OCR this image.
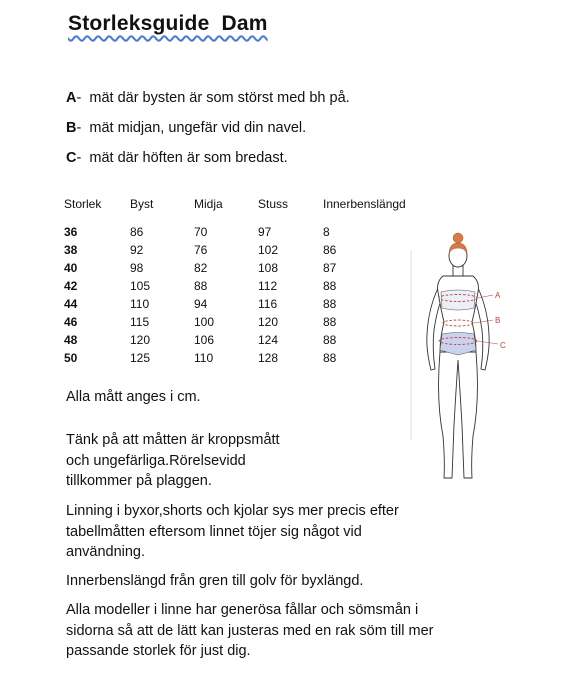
Storleksguide  Dam
A-  mät där bysten är som störst med bh på.
B-  mät midjan, ungefär vid din navel.
C-  mät där höften är som bredast.
Storlek	Byst	Midja	Stuss	Innerbenslängd
36	86	70	97	8
38	92	76	102	86
40	98	82	108	87
42	105	88	112	88
44	110	94	116	88
46	115	100	120	88
48	120	106	124	88
50	125	110	128	88
Alla mått anges i cm.
Tänk på att måtten är kroppsmått
och ungefärliga.Rörelsevidd
tillkommer på plaggen.
Linning i byxor,shorts och kjolar sys mer precis efter
tabellmåtten eftersom linnet töjer sig något vid
användning.
Innerbenslängd från gren till golv för byxlängd.
Alla modeller i linne har generösa fållar och sömsmån i
sidorna så att de lätt kan justeras med en rak söm till mer
passande storlek för just dig.
A
B
C
